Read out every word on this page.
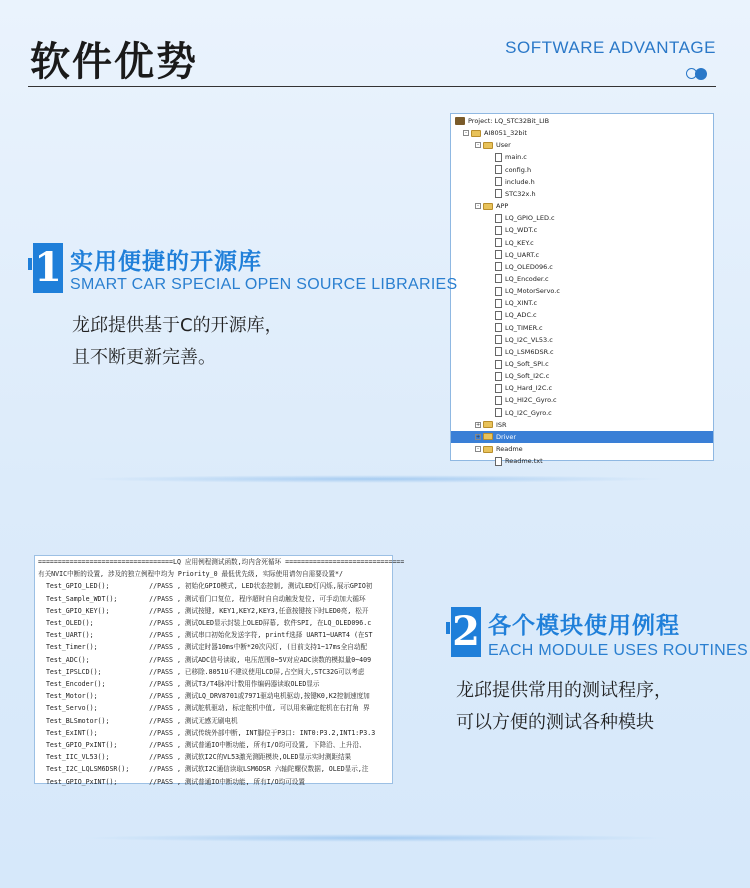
软件优势	SOFTWARE ADVANTAGE
Project: LQ_STC32Bit_LIB
-	AI8051_32bit
-	User
main.c
config.h
include.h
STC32x.h
-	APP
LQ_GPIO_LED.c
LQ_WDT.c
LQ_KEY.c
LQ_UART.c
LQ_OLED096.c
LQ_Encoder.c
LQ_MotorServo.c
LQ_XINT.c
LQ_ADC.c
LQ_TIMER.c
LQ_I2C_VL53.c
LQ_LSM6DSR.c
LQ_Soft_SPI.c
LQ_Soft_I2C.c
LQ_Hard_I2C.c
LQ_HI2C_Gyro.c
LQ_I2C_Gyro.c
+ ISR
+ Driver
-	Readme
Readme.txt
1 实用便捷的开源库
SMART CAR SPECIAL OPEN SOURCE LIBRARIES
龙邱提供基于C的开源库，
且不断更新完善。
==================================LQ 应用例程测试函数,均内含死循环 ==============================
有关NVIC中断的设置, 涉及的独立例程中均为 Priority_0 最低优先级, 实际使用请勿自需要设置*/
Test_GPIO_LED();          //PASS , 初始化GPIO模式, LED状态控制, 测试LED灯闪烁,展示GPIO初
Test_Sample_WDT();        //PASS , 测试看门口复位, 程序超时自自动触发复位, 可手动加大循环
Test_GPIO_KEY();          //PASS , 测试按键, KEY1,KEY2,KEY3,任意按键按下时LED0亮, 松开
Test_OLED();              //PASS , 测试OLED显示封装上OLED屏幕, 软件SPI, 在LQ_OLED096.c
Test_UART();              //PASS , 测试串口初始化发送字符, printf选择 UART1~UART4 (在ST
Test_Timer();             //PASS , 测试定时器10ms中断*20次闪灯, (目前支持1~17ms全自动配
Test_ADC();               //PASS , 测试ADC信号读取, 电压范围0~5V对应ADC读数的模拟量0~409
Test_IPSLCD();            //PASS , 已移除.8051U不建议使用LCD屏,占空间大,STC32G可以考虑
Test_Encoder();           //PASS , 测试T3/T4脉冲计数用作编码器读取OLED显示
Test_Motor();             //PASS , 测试LQ_DRV8701或7971驱动电机驱动,按键K0,K2控制速度加
Test_Servo();             //PASS , 测试舵机驱动, 标定舵机中值, 可以用来确定舵机在右打角 界
Test_BLSmotor();          //PASS , 测试无感无刷电机
Test_ExINT();             //PASS , 测试传统外部中断, INT脚位于P3口: INT0:P3.2,INT1:P3.3
Test_GPIO_PxINT();        //PASS , 测试普通IO中断功能, 所有I/O均可设置, 下降沿、上升沿、
Test_IIC_VL53();          //PASS , 测试软I2C的VL53激光测距模块,OLED显示实时测距结果
Test_I2C_LQLSM6DSR();     //PASS , 测试软I2C通信读取LSM6DSR 六轴陀螺仪数据, OLED显示,注
Test_GPIO_PxINT();        //PASS , 测试普通IO中断功能, 所有I/O均可设置
2 各个模块使用例程
EACH MODULE USES ROUTINES
龙邱提供常用的测试程序，
可以方便的测试各种模块
